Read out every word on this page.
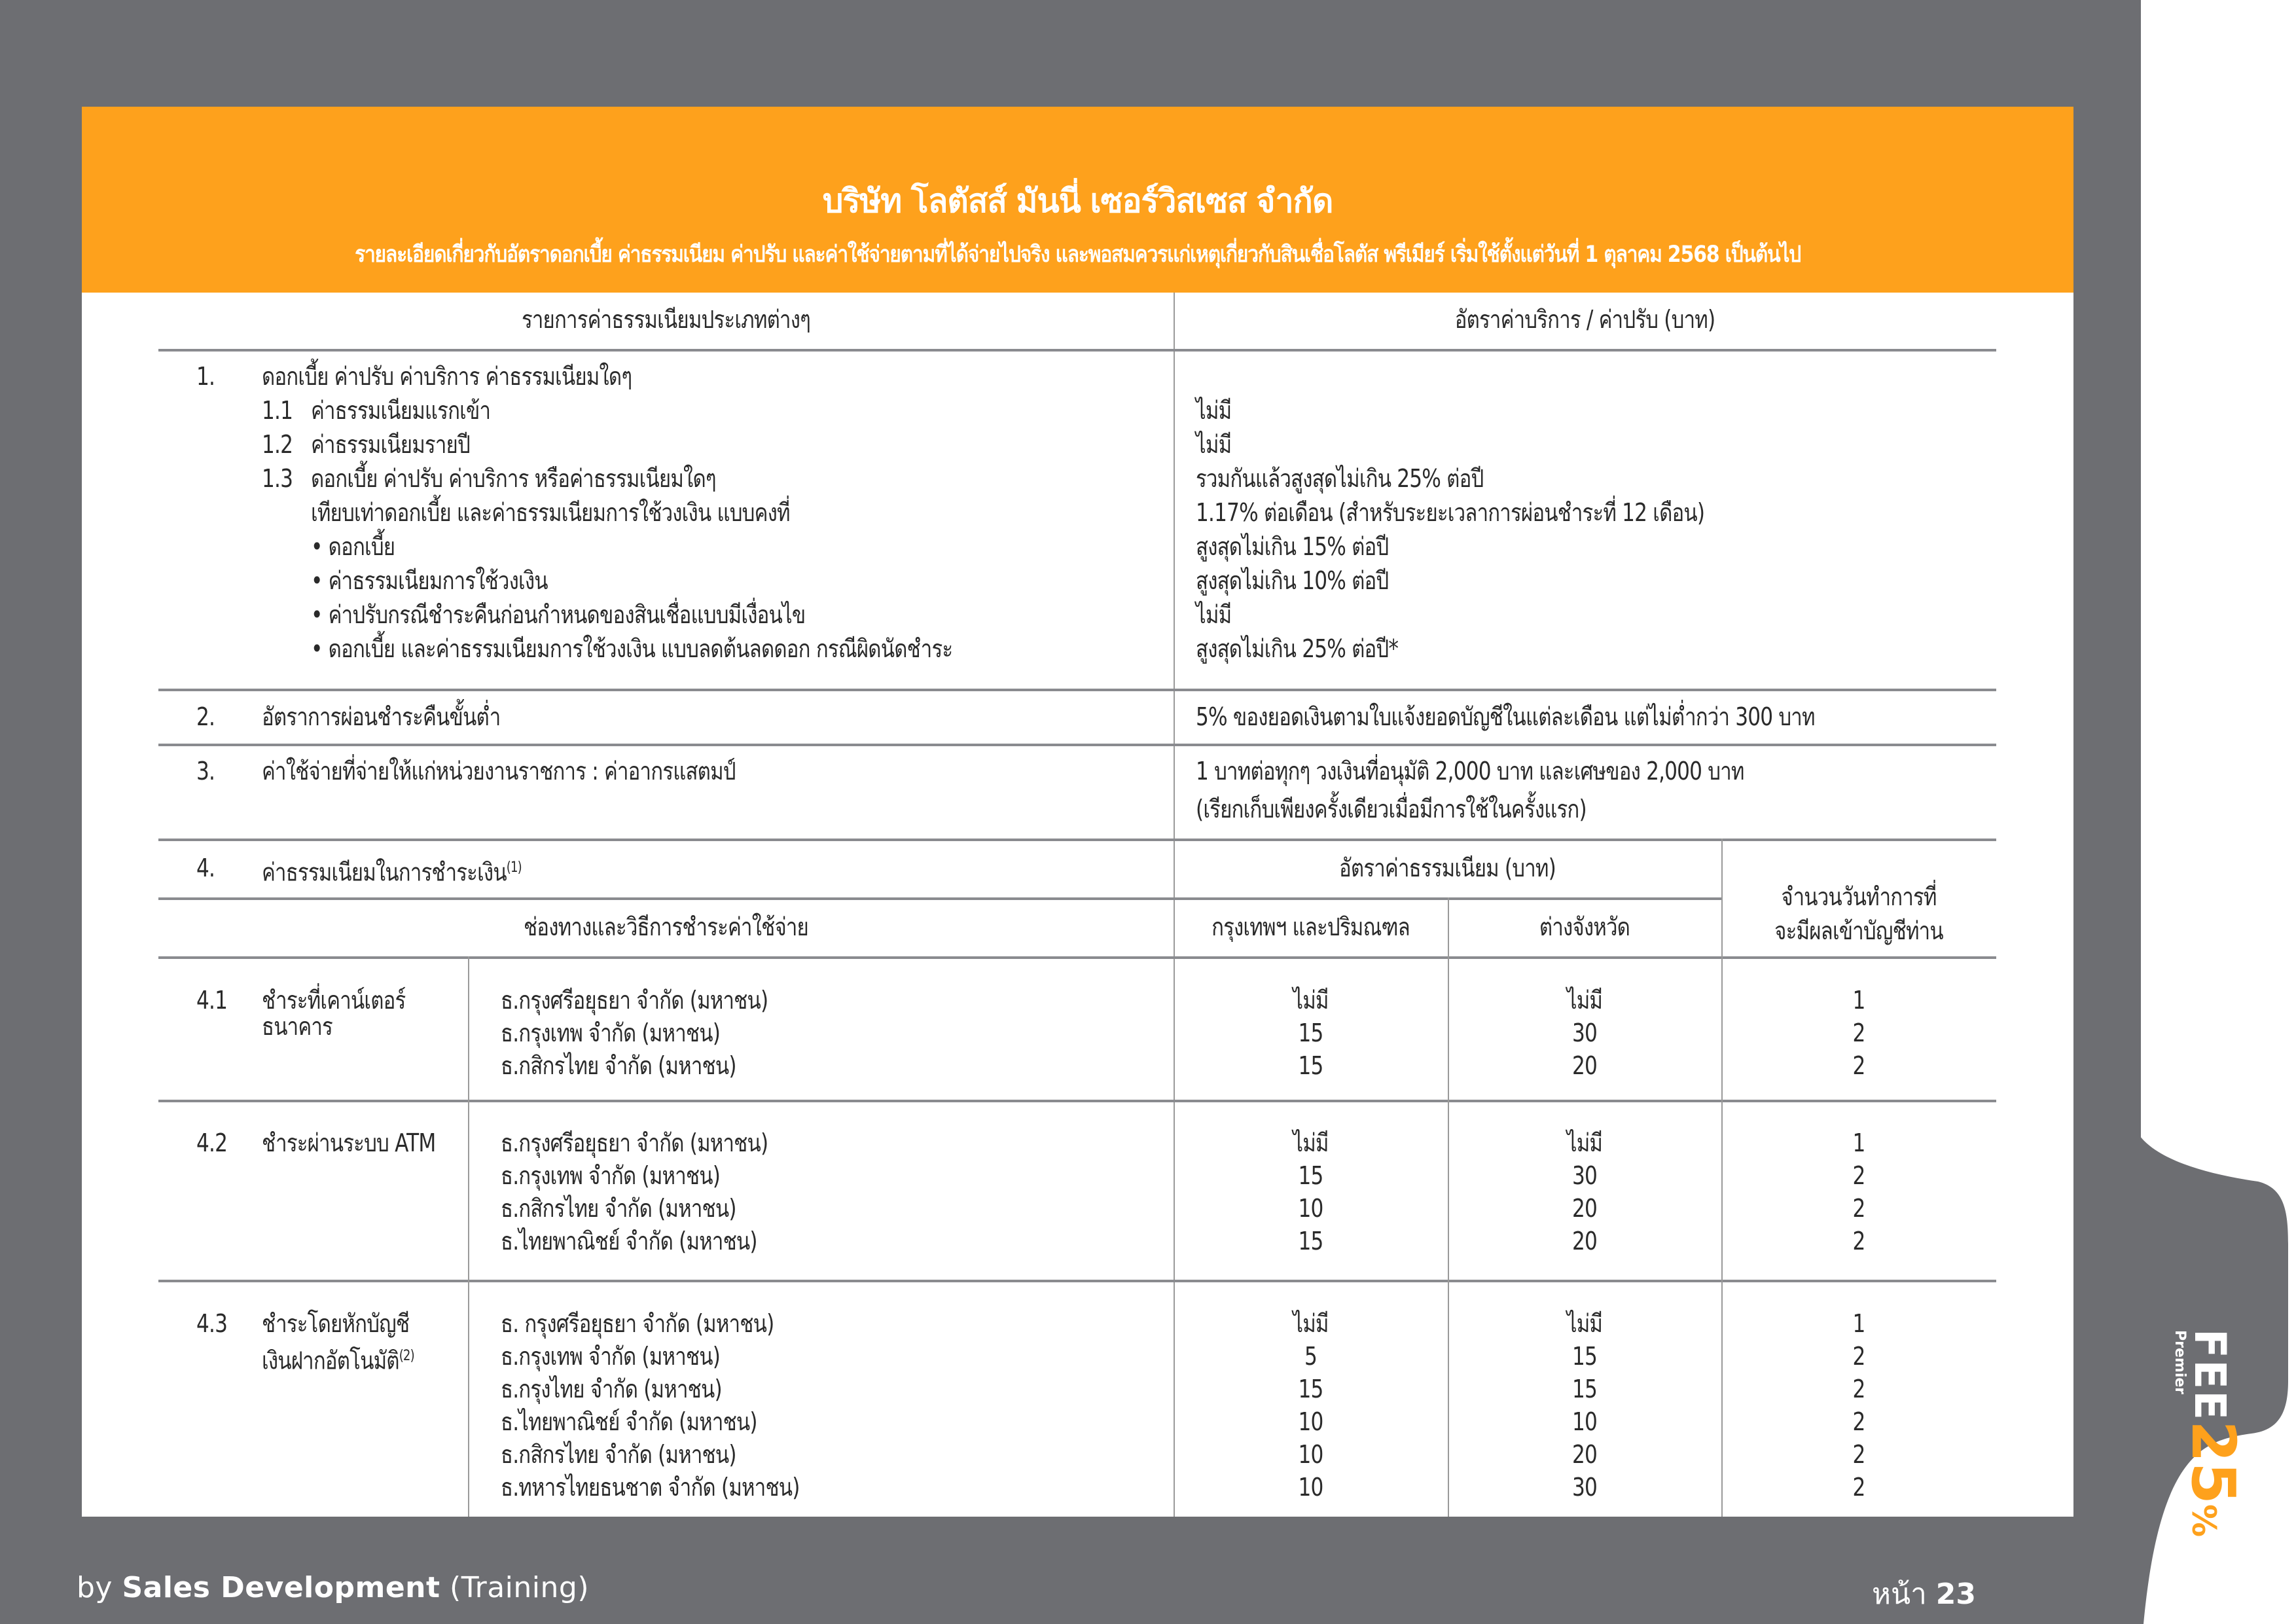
บริษัท โลตัสส์ มันนี่ เซอร์วิสเซส จำกัด
รายละเอียดเกี่ยวกับอัตราดอกเบี้ย ค่าธรรมเนียม ค่าปรับ และค่าใช้จ่ายตามที่ได้จ่ายไปจริง และพอสมควรแก่เหตุเกี่ยวกับสินเชื่อโลตัส พรีเมียร์ เริ่มใช้ตั้งแต่วันที่ 1 ตุลาคม 2568 เป็นต้นไป
รายการค่าธรรมเนียมประเภทต่างๆ	อัตราค่าบริการ / ค่าปรับ (บาท)
1. ดอกเบี้ย ค่าปรับ ค่าบริการ ค่าธรรมเนียมใดๆ
1.1 ค่าธรรมเนียมแรกเข้า	ไม่มี
1.2 ค่าธรรมเนียมรายปี	ไม่มี
1.3 ดอกเบี้ย ค่าปรับ ค่าบริการ หรือค่าธรรมเนียมใดๆ	รวมกันแล้วสูงสุดไม่เกิน 25% ต่อปี
เทียบเท่าดอกเบี้ย และค่าธรรมเนียมการใช้วงเงิน แบบคงที่	1.17% ต่อเดือน (สำหรับระยะเวลาการผ่อนชำระที่ 12 เดือน)
• ดอกเบี้ย	สูงสุดไม่เกิน 15% ต่อปี
• ค่าธรรมเนียมการใช้วงเงิน	สูงสุดไม่เกิน 10% ต่อปี
• ค่าปรับกรณีชำระคืนก่อนกำหนดของสินเชื่อแบบมีเงื่อนไข	ไม่มี
• ดอกเบี้ย และค่าธรรมเนียมการใช้วงเงิน แบบลดต้นลดดอก กรณีผิดนัดชำระ	สูงสุดไม่เกิน 25% ต่อปี*
2. อัตราการผ่อนชำระคืนขั้นต่ำ	5% ของยอดเงินตามใบแจ้งยอดบัญชีในแต่ละเดือน แต่ไม่ต่ำกว่า 300 บาท
3. ค่าใช้จ่ายที่จ่ายให้แก่หน่วยงานราชการ : ค่าอากรแสตมป์	1 บาทต่อทุกๆ วงเงินที่อนุมัติ 2,000 บาท และเศษของ 2,000 บาท
(เรียกเก็บเพียงครั้งเดียวเมื่อมีการใช้ในครั้งแรก)
4. ค่าธรรมเนียมในการชำระเงิน$^{(1)}$	อัตราค่าธรรมเนียม (บาท)
จำนวนวันทำการที่
จะมีผลเข้าบัญชีท่าน
ช่องทางและวิธีการชำระค่าใช้จ่าย	กรุงเทพฯ และปริมณฑล	ต่างจังหวัด
4.1 ชำระที่เคาน์เตอร์
ธนาคาร
ธ.กรุงศรีอยุธยา จำกัด (มหาชน)	ไม่มี	ไม่มี	1
ธ.กรุงเทพ จำกัด (มหาชน)	15	30	2
ธ.กสิกรไทย จำกัด (มหาชน)	15	20	2
4.2 ชำระผ่านระบบ ATM	ธ.กรุงศรีอยุธยา จำกัด (มหาชน)	ไม่มี	ไม่มี	1
ธ.กรุงเทพ จำกัด (มหาชน)	15	30	2
ธ.กสิกรไทย จำกัด (มหาชน)	10	20	2
ธ.ไทยพาณิชย์ จำกัด (มหาชน)	15	20	2
4.3 ชำระโดยหักบัญชี
เงินฝากอัตโนมัติ$^{(2)}$
ธ. กรุงศรีอยุธยา จำกัด (มหาชน)	ไม่มี	ไม่มี	1
ธ.กรุงเทพ จำกัด (มหาชน)	5	15	2
ธ.กรุงไทย จำกัด (มหาชน)	15	15	2
ธ.ไทยพาณิชย์ จำกัด (มหาชน)	10	10	2
ธ.กสิกรไทย จำกัด (มหาชน)	10	20	2
ธ.ทหารไทยธนชาต จำกัด (มหาชน)	10	30	2
by Sales Development (Training)	หน้า 23
FEE
Premier
25%
